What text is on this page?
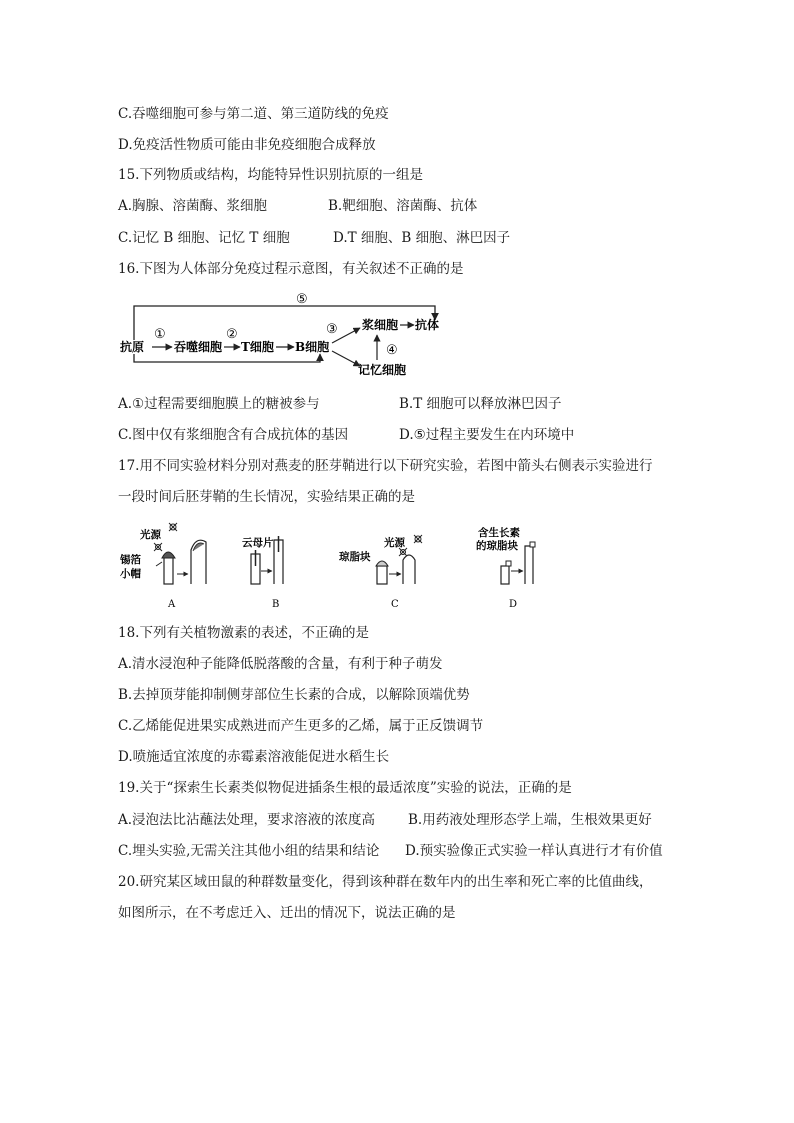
C.吞噬细胞可参与第二道、第三道防线的免疫
D.免疫活性物质可能由非免疫细胞合成释放
15.下列物质或结构，均能特异性识别抗原的一组是
A.胸腺、溶菌酶、浆细胞	B.靶细胞、溶菌酶、抗体
C.记忆 B 细胞、记忆 T 细胞	D.T 细胞、B 细胞、淋巴因子
16.下图为人体部分免疫过程示意图，有关叙述不正确的是
⑤
抗原
①
吞噬细胞
②
T细胞 B细胞
③ 浆细胞 抗体
④
记忆细胞
A.①过程需要细胞膜上的糖被参与	B.T 细胞可以释放淋巴因子
C.图中仅有浆细胞含有合成抗体的基因	D.⑤过程主要发生在内环境中
17.用不同实验材料分别对燕麦的胚芽鞘进行以下研究实验，若图中箭头右侧表示实验进行
一段时间后胚芽鞘的生长情况，实验结果正确的是
光源
锡箔
小帽
A
云母片
B
琼脂块
光源
C
含生长素
的琼脂块
D
18.下列有关植物激素的表述，不正确的是
A.清水浸泡种子能降低脱落酸的含量，有利于种子萌发
B.去掉顶芽能抑制侧芽部位生长素的合成，以解除顶端优势
C.乙烯能促进果实成熟进而产生更多的乙烯，属于正反馈调节
D.喷施适宜浓度的赤霉素溶液能促进水稻生长
19.关于“探索生长素类似物促进插条生根的最适浓度”实验的说法，正确的是
A.浸泡法比沾蘸法处理，要求溶液的浓度高 B.用药液处理形态学上端，生根效果更好
C.埋头实验,无需关注其他小组的结果和结论 D.预实验像正式实验一样认真进行才有价值
20.研究某区域田鼠的种群数量变化，得到该种群在数年内的出生率和死亡率的比值曲线，
如图所示，在不考虑迁入、迁出的情况下，说法正确的是
